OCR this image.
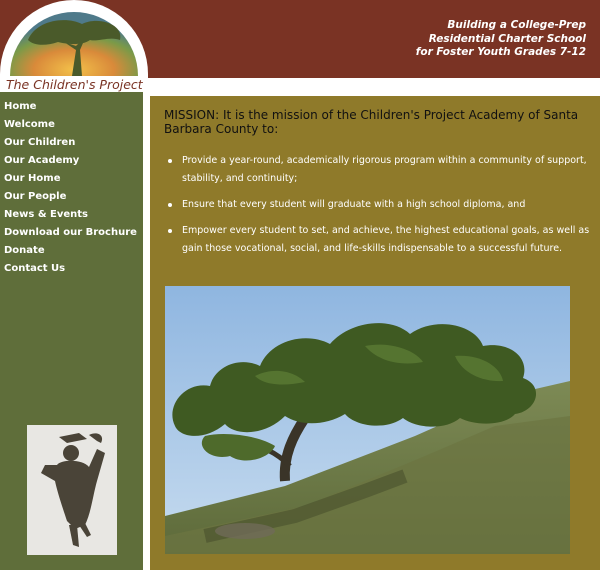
Building a College-Prep
Residential Charter School
for Foster Youth Grades 7-12
The Children's Project
Home
Welcome
Our Children
Our Academy
Our Home
Our People
News & Events
Download our Brochure
Donate
Contact Us
MISSION: It is the mission of the Children's Project Academy of Santa Barbara County to:
Provide a year-round, academically rigorous program within a community of support, stability, and continuity;
Ensure that every student will graduate with a high school diploma, and
Empower every student to set, and achieve, the highest educational goals, as well as gain those vocational, social, and life-skills indispensable to a successful future.
